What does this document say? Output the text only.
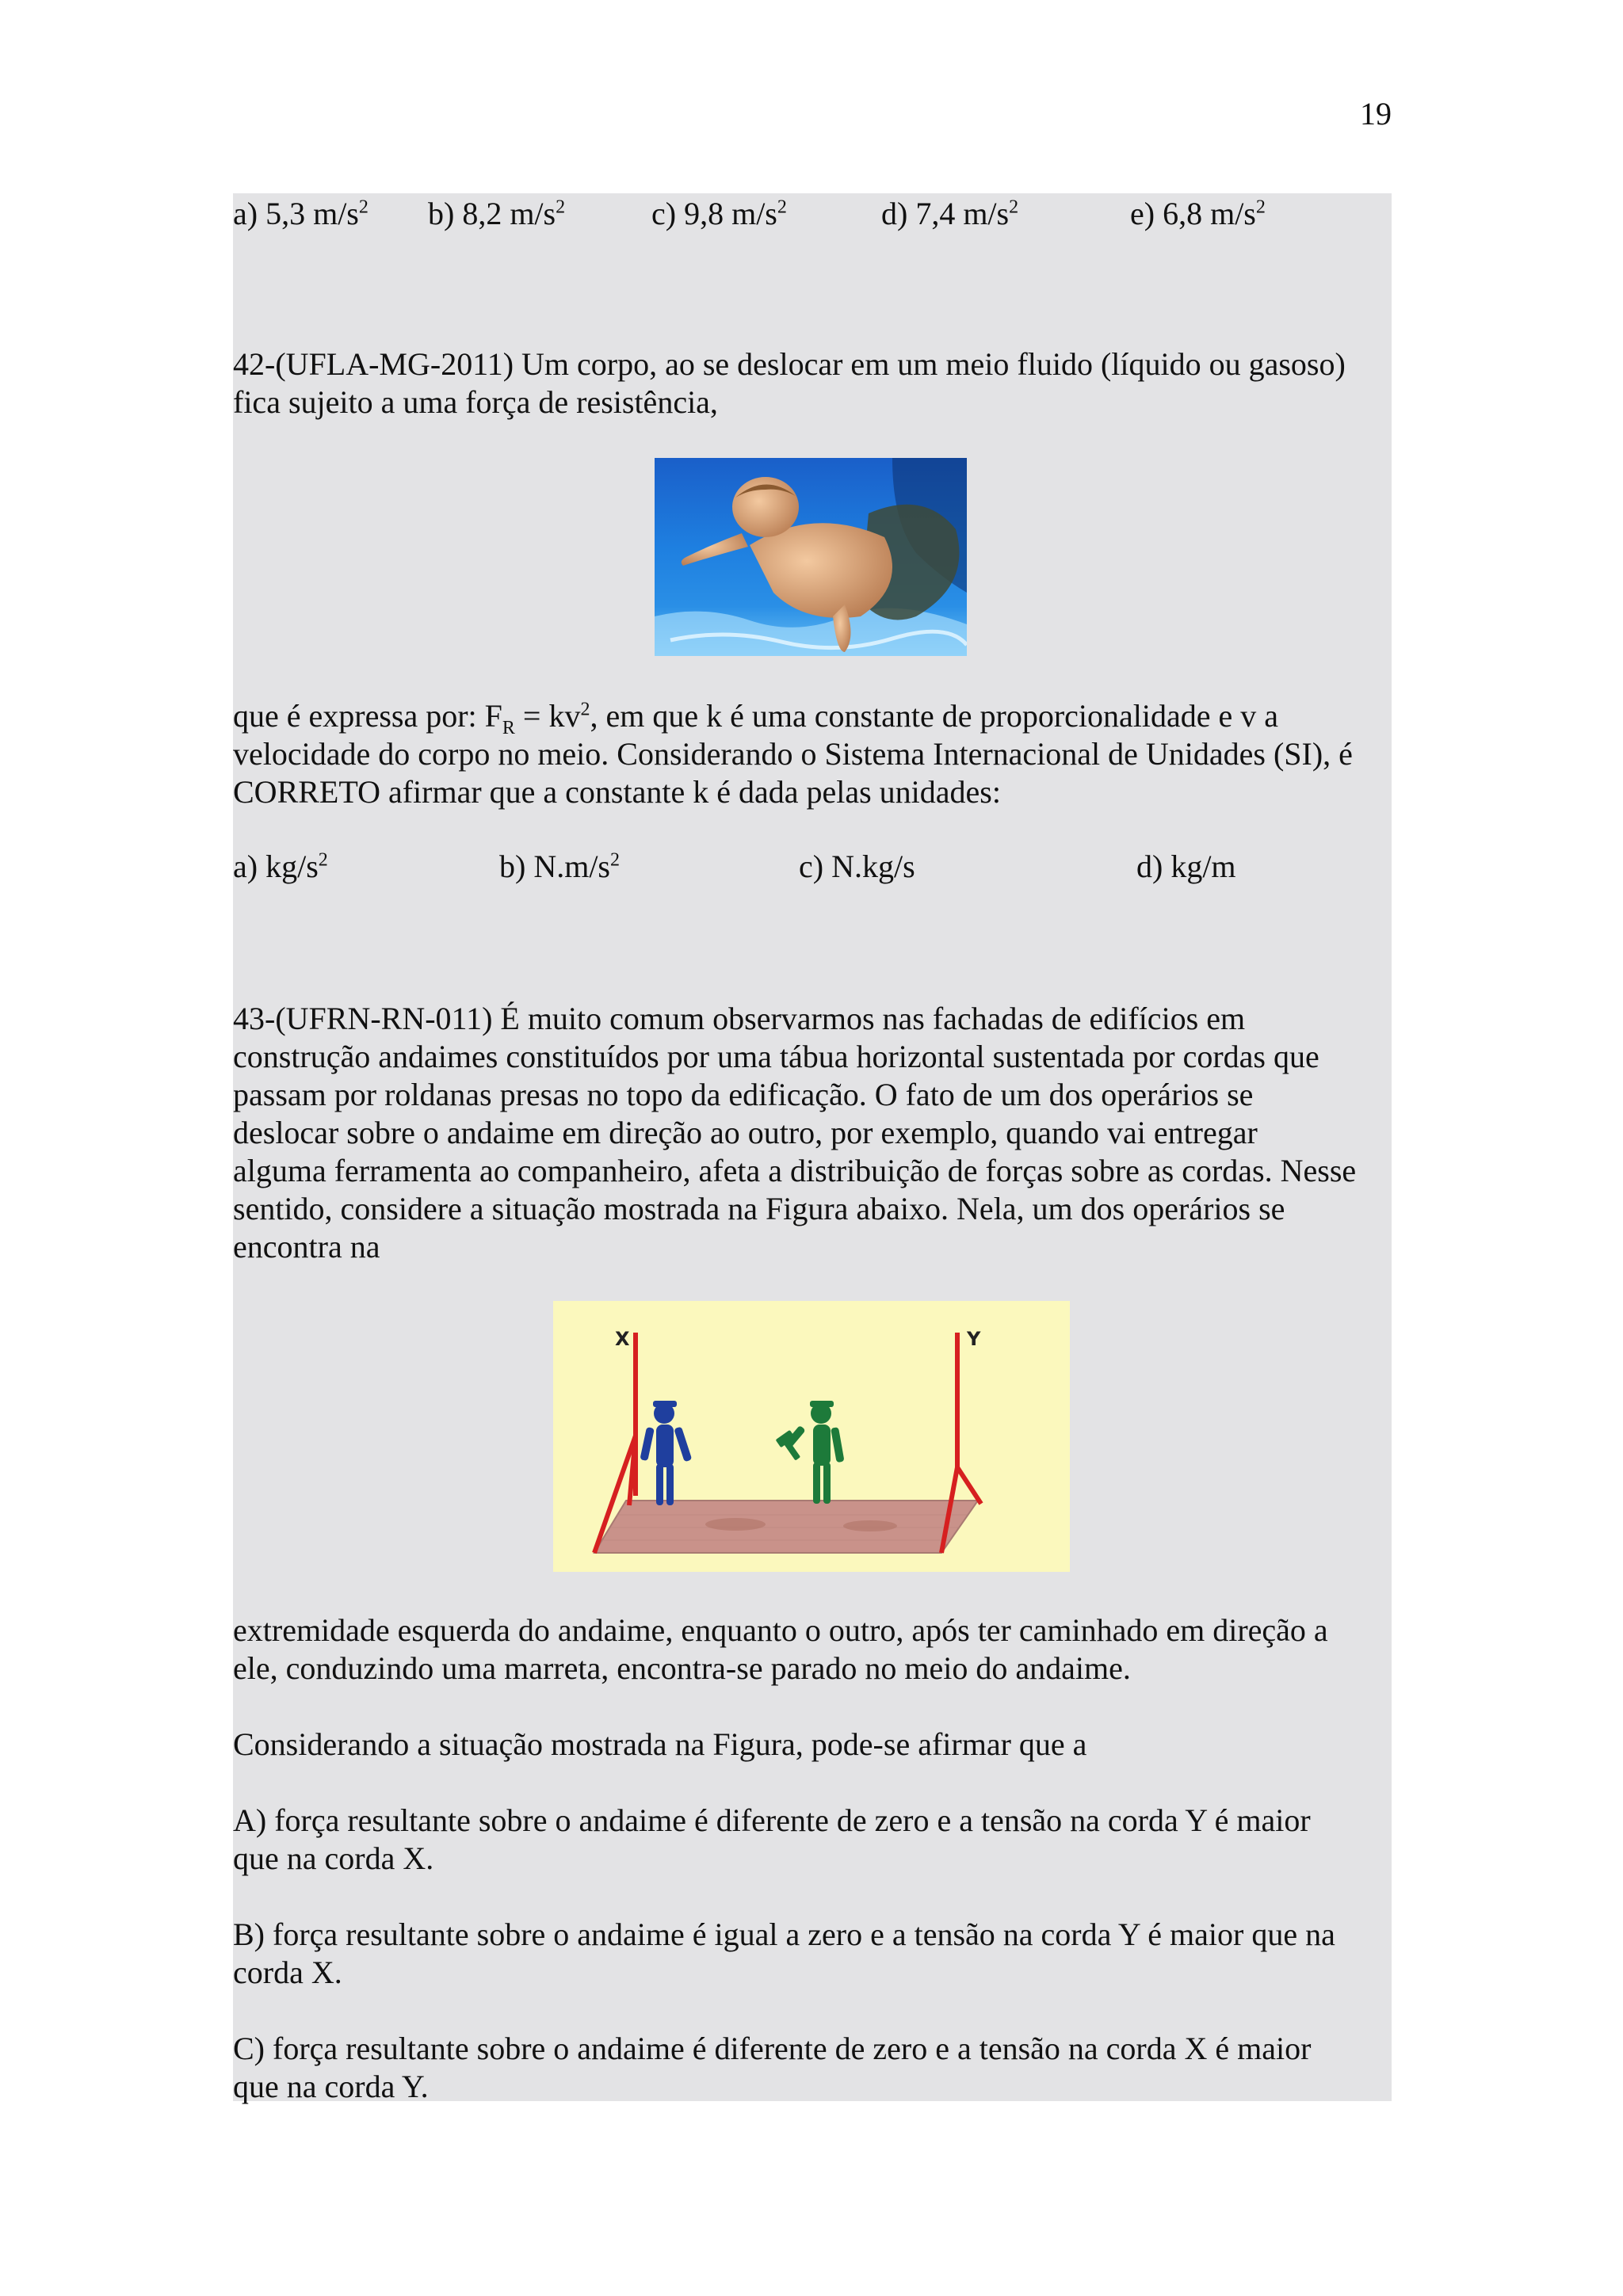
19
a) 5,3 $m/s^2$ b) 8,2 $m/s^2$	c) 9,8 $m/s^2$	d) 7,4 $m/s^2$	e) 6,8 $m/s^2$
42-(UFLA-MG-2011) Um corpo, ao se deslocar em um meio fluido (líquido ou gasoso)
fica sujeito a uma força de resistência,
que é expressa por: $F_R = kv^2$, em que k é uma constante de proporcionalidade e v a
velocidade do corpo no meio. Considerando o Sistema Internacional de Unidades (SI), é
CORRETO afirmar que a constante k é dada pelas unidades:
a) $kg/s^2$	b) $N.m/s^2$	c) N.kg/s	d) kg/m
43-(UFRN-RN-011) É muito comum observarmos nas fachadas de edifícios em
construção andaimes constituídos por uma tábua horizontal sustentada por cordas que
passam por roldanas presas no topo da edificação. O fato de um dos operários se
deslocar sobre o andaime em direção ao outro, por exemplo, quando vai entregar
alguma ferramenta ao companheiro, afeta a distribuição de forças sobre as cordas. Nesse
sentido, considere a situação mostrada na Figura abaixo. Nela, um dos operários se
encontra na
X	Y
extremidade esquerda do andaime, enquanto o outro, após ter caminhado em direção a
ele, conduzindo uma marreta, encontra-se parado no meio do andaime.
Considerando a situação mostrada na Figura, pode-se afirmar que a
A) força resultante sobre o andaime é diferente de zero e a tensão na corda Y é maior
que na corda X.
B) força resultante sobre o andaime é igual a zero e a tensão na corda Y é maior que na
corda X.
C) força resultante sobre o andaime é diferente de zero e a tensão na corda X é maior
que na corda Y.
